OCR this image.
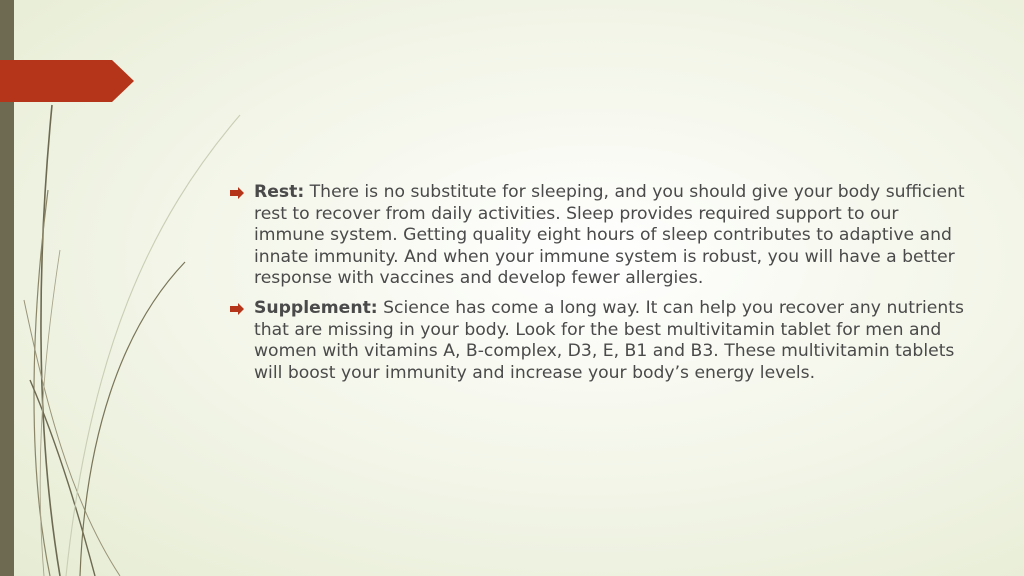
Rest: There is no substitute for sleeping, and you should give your body sufficient rest to recover from daily activities. Sleep provides required support to our immune system. Getting quality eight hours of sleep contributes to adaptive and innate immunity. And when your immune system is robust, you will have a better response with vaccines and develop fewer allergies.
Supplement: Science has come a long way. It can help you recover any nutrients that are missing in your body. Look for the best multivitamin tablet for men and women with vitamins A, B-complex, D3, E, B1 and B3. These multivitamin tablets will boost your immunity and increase your body’s energy levels.
